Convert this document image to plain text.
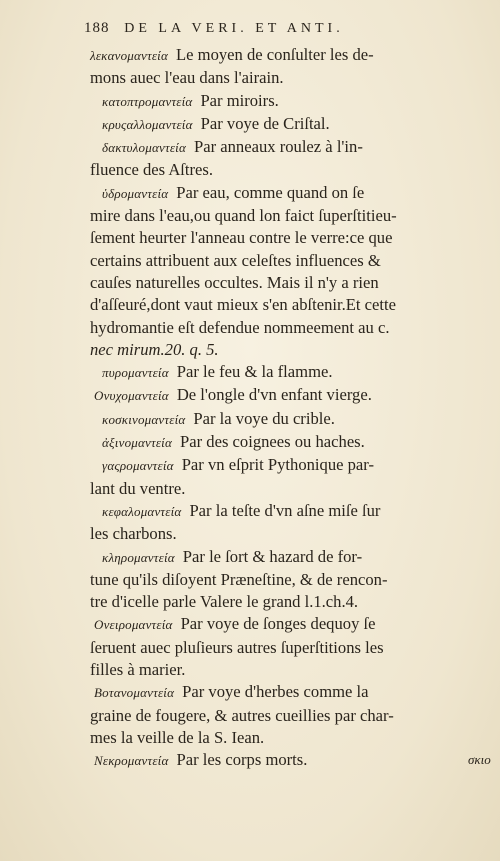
188 DE LA VERI. ET ANTI.

λεκανομαντεία Le moyen de conſulter les de-

mons auec l'eau dans l'airain.

κατοπτρομαντεία Par miroirs.

κρυςαλλομαντεία Par voye de Criſtal.

δακτυλομαντεία Par anneaux roulez à l'in-

fluence des Aſtres.

ὑδρομαντεία Par eau, comme quand on ſe

mire dans l'eau,ou quand lon faict ſuperſtitieu-

ſement heurter l'anneau contre le verre:ce que

certains attribuent aux celeſtes influences &

cauſes naturelles occultes. Mais il n'y a rien

d'aſſeuré,dont vaut mieux s'en abſtenir.Et cette

hydromantie eſt defendue nommeement au c.

nec mirum.20. q. 5.

πυρομαντεία Par le feu & la flamme.

Ονυχομαντεία De l'ongle d'vn enfant vierge.

κοσκινομαντεία Par la voye du crible.

ἀξινομαντεία Par des coignees ou haches.

γαςρομαντεία Par vn eſprit Pythonique par-

lant du ventre.

κεφαλομαντεία Par la teſte d'vn aſne miſe ſur

les charbons.

κληρομαντεία Par le ſort & hazard de for-

tune qu'ils diſoyent Præneſtine, & de rencon-

tre d'icelle parle Valere le grand l.1.ch.4.

Ονειρομαντεία Par voye de ſonges dequoy ſe

ſeruent auec pluſieurs autres ſuperſtitions les

filles à marier.

Βοτανομαντεία Par voye d'herbes comme la

graine de fougere, & autres cueillies par char-

mes la veille de la S. Iean.

Νεκρομαντεία Par les corps morts.	σκιο
